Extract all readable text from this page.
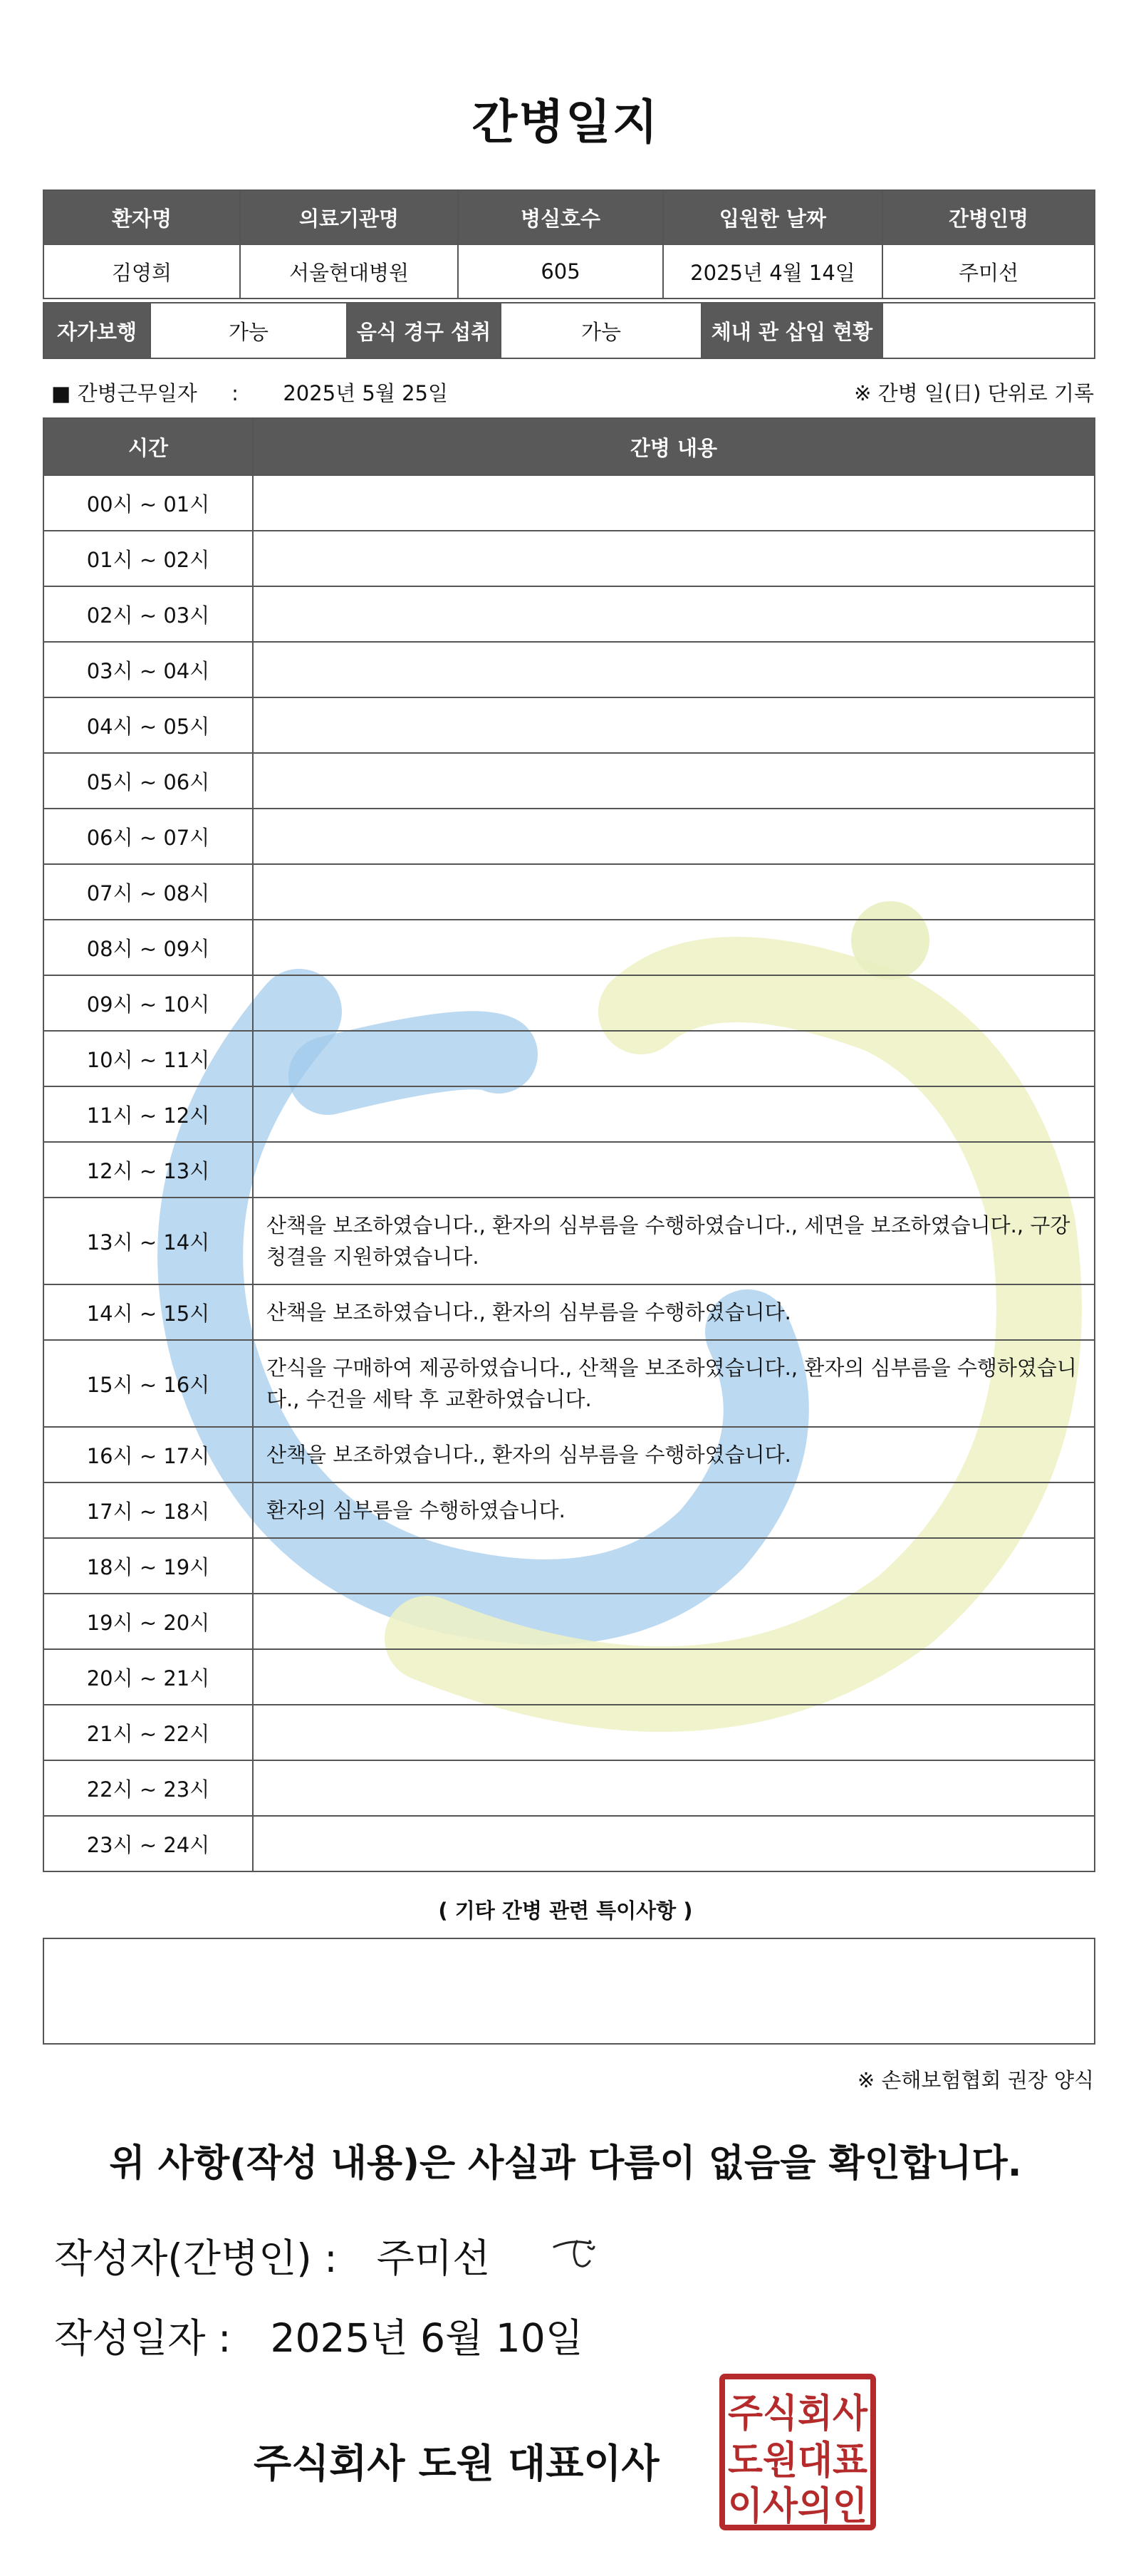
간병일지
환자명	의료기관명	병실호수	입원한 날짜	간병인명
김영희	서울현대병원	605	2025년 4월 14일	주미선
자가보행	가능	음식 경구 섭취	가능	체내 관 삽입 현황	
■ 간병근무일자 : 2025년 5월 25일	※ 간병 일(日) 단위로 기록
시간	간병 내용
00시 ~ 01시	
01시 ~ 02시	
02시 ~ 03시	
03시 ~ 04시	
04시 ~ 05시	
05시 ~ 06시	
06시 ~ 07시	
07시 ~ 08시	
08시 ~ 09시	
09시 ~ 10시	
10시 ~ 11시	
11시 ~ 12시	
12시 ~ 13시	
13시 ~ 14시	산책을 보조하였습니다., 환자의 심부름을 수행하였습니다., 세면을 보조하였습니다., 구강청결을 지원하였습니다.
14시 ~ 15시	산책을 보조하였습니다., 환자의 심부름을 수행하였습니다.
15시 ~ 16시	간식을 구매하여 제공하였습니다., 산책을 보조하였습니다., 환자의 심부름을 수행하였습니다., 수건을 세탁 후 교환하였습니다.
16시 ~ 17시	산책을 보조하였습니다., 환자의 심부름을 수행하였습니다.
17시 ~ 18시	환자의 심부름을 수행하였습니다.
18시 ~ 19시	
19시 ~ 20시	
20시 ~ 21시	
21시 ~ 22시	
22시 ~ 23시	
23시 ~ 24시	
( 기타 간병 관련 특이사항 )
※ 손해보험협회 권장 양식
위 사항(작성 내용)은 사실과 다름이 없음을 확인합니다.
작성자(간병인) : 주미선
작성일자 : 2025년 6월 10일
주식회사 도원 대표이사
주식회사
도원대표
이사의인
